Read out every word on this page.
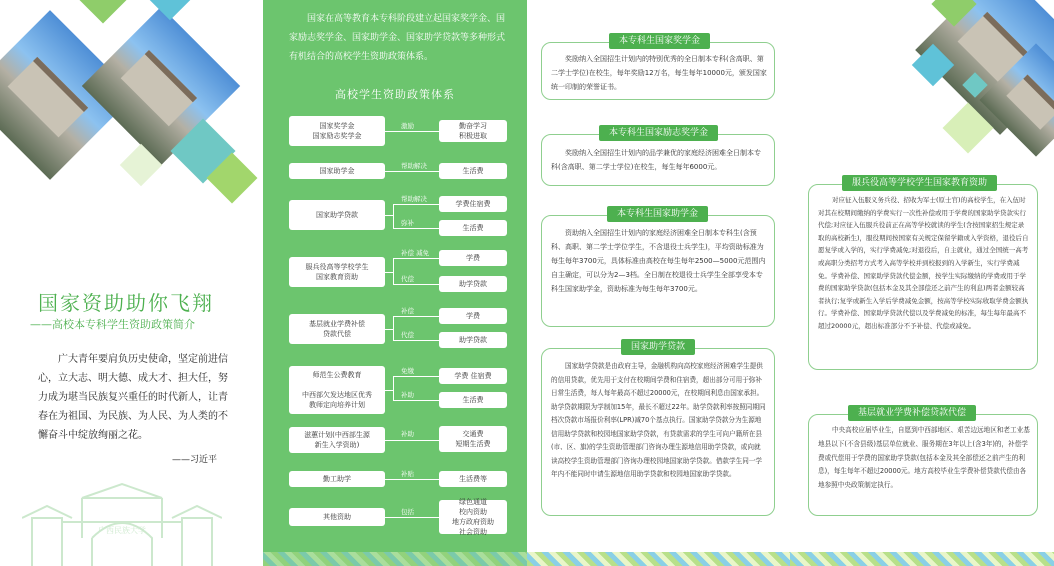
国家资助助你飞翔
——高校本专科学生资助政策简介
广大青年要肩负历史使命，坚定前进信心，立大志、明大德、成大才、担大任，努力成为堪当民族复兴重任的时代新人，让青春在为祖国、为民族、为人民、为人类的不懈奋斗中绽放绚丽之花。
——习近平
广西民族大学
国家在高等教育本专科阶段建立起国家奖学金、国家励志奖学金、国家助学金、国家助学贷款等多种形式有机结合的高校学生资助政策体系。
高校学生资助政策体系
国家奖学金
国家励志奖学金
勤奋学习
积极进取
激励
国家助学金	生活费
帮助解决
国家助学贷款
学费住宿费
帮助解决
生活费
弥补
服兵役高等学校学生
国家教育资助
学费
补偿 减免
助学贷款
代偿
基层就业学费补偿
贷款代偿
学费
补偿
助学贷款
代偿
师范生公费教育

中西部欠发达地区优秀
教师定向培养计划
学费 住宿费
免缴
生活费
补助
滋蕙计划(中西部生源
新生入学资助)
交通费
短期生活费
补助
勤工助学	生活费等
补贴
其他资助
绿色通道
校内资助
地方政府资助
社会资助
包括
本专科生国家奖学金
奖励纳入全国招生计划内的特别优秀的全日制本专科(含高职、第二学士学位)在校生，每年奖励12万名，每生每年10000元，颁发国家统一印制的荣誉证书。
本专科生国家励志奖学金
奖励纳入全国招生计划内的品学兼优的家庭经济困难全日制本专科(含高职、第二学士学位)在校生，每生每年6000元。
本专科生国家助学金
资助纳入全国招生计划内的家庭经济困难全日制本专科生(含预科、高职、第二学士学位学生，不含退役士兵学生)，平均资助标准为每生每年3700元，具体标准由高校在每生每年2500—5000元范围内自主确定，可以分为2—3档。全日制在校退役士兵学生全部享受本专科生国家助学金，资助标准为每生每年3700元。
国家助学贷款
国家助学贷款是由政府主导，金融机构向高校家庭经济困难学生提供的信用贷款，优先用于支付在校期间学费和住宿费，超出部分可用于弥补日常生活费，每人每年最高不超过20000元，在校期间利息由国家承担。助学贷款期限为学制加15年，最长不超过22年。助学贷款利率按照同期同档次贷款市场报价利率(LPR)减70个基点执行。国家助学贷款分为生源地信用助学贷款和校园地国家助学贷款，有贷款需求的学生可向户籍所在县(市、区、旗)的学生资助管理部门咨询办理生源地信用助学贷款，或向就读高校学生资助管理部门咨询办理校园地国家助学贷款。借款学生同一学年内不能同时申请生源地信用助学贷款和校园地国家助学贷款。
服兵役高等学校学生国家教育资助
对应征入伍服义务兵役、招收为军士(原士官)的高校学生，在入伍时对其在校期间缴纳的学费实行一次性补偿或用于学费的国家助学贷款实行代偿;对应征入伍服兵役前正在高等学校就读的学生(含按国家招生规定录取的高校新生)，服役期间按国家有关规定保留学籍或入学资格，退役后自愿复学或入学的，实行学费减免;对退役后，自主就业，通过全国统一高考或高职分类招考方式考入高等学校并到校报到的入学新生，实行学费减免。学费补偿、国家助学贷款代偿金额，按学生实际缴纳的学费或用于学费的国家助学贷款(包括本金及其全部偿还之前产生的利息)两者金额较高者执行;复学或新生入学后学费减免金额，按高等学校实际收取学费金额执行。学费补偿、国家助学贷款代偿以及学费减免的标准，每生每年最高不超过20000元，超出标准部分不予补偿、代偿或减免。
基层就业学费补偿贷款代偿
中央高校应届毕业生，自愿到中西部地区、艰苦边远地区和老工业基地县以下(不含县级)基层单位就业、服务期在3年以上(含3年)的，补偿学费或代偿用于学费的国家助学贷款(包括本金及其全部偿还之前产生的利息)，每生每年不超过20000元。地方高校毕业生学费补偿贷款代偿由各地参照中央政策制定执行。
